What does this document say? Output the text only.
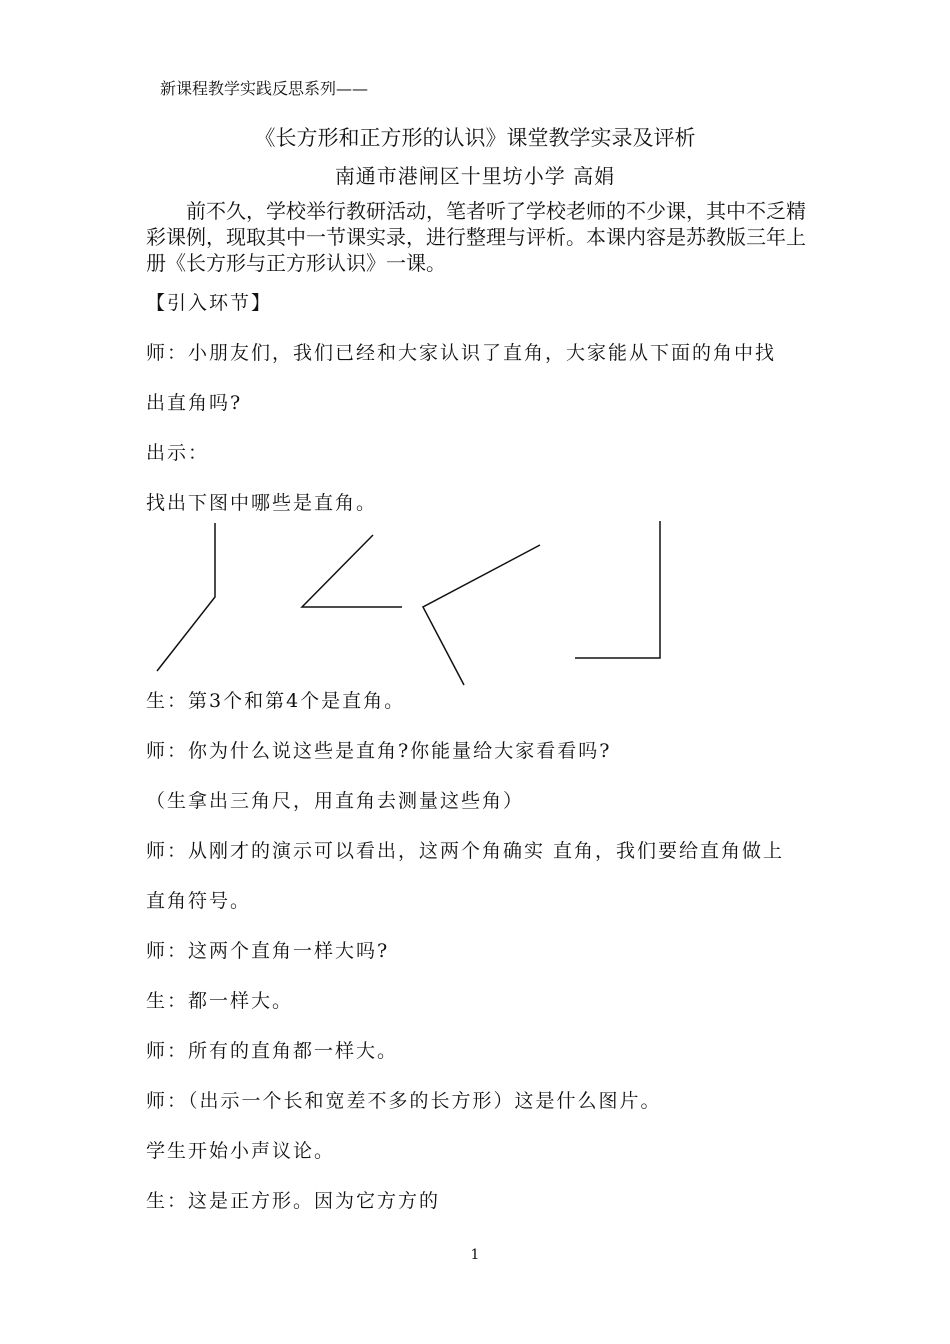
新课程教学实践反思系列——
《长方形和正方形的认识》课堂教学实录及评析
南通市港闸区十里坊小学 高娟
前不久，学校举行教研活动，笔者听了学校老师的不少课，其中不乏精彩课例，现取其中一节课实录，进行整理与评析。本课内容是苏教版三年上册《长方形与正方形认识》一课。
【引入环节】
师：小朋友们，我们已经和大家认识了直角，大家能从下面的角中找
出直角吗?
出示：
找出下图中哪些是直角。
生：第3个和第4个是直角。
师：你为什么说这些是直角?你能量给大家看看吗?
（生拿出三角尺，用直角去测量这些角）
师：从刚才的演示可以看出，这两个角确实 直角，我们要给直角做上
直角符号。
师：这两个直角一样大吗?
生：都一样大。
师：所有的直角都一样大。
师：（出示一个长和宽差不多的长方形）这是什么图片。
学生开始小声议论。
生：这是正方形。因为它方方的
1
